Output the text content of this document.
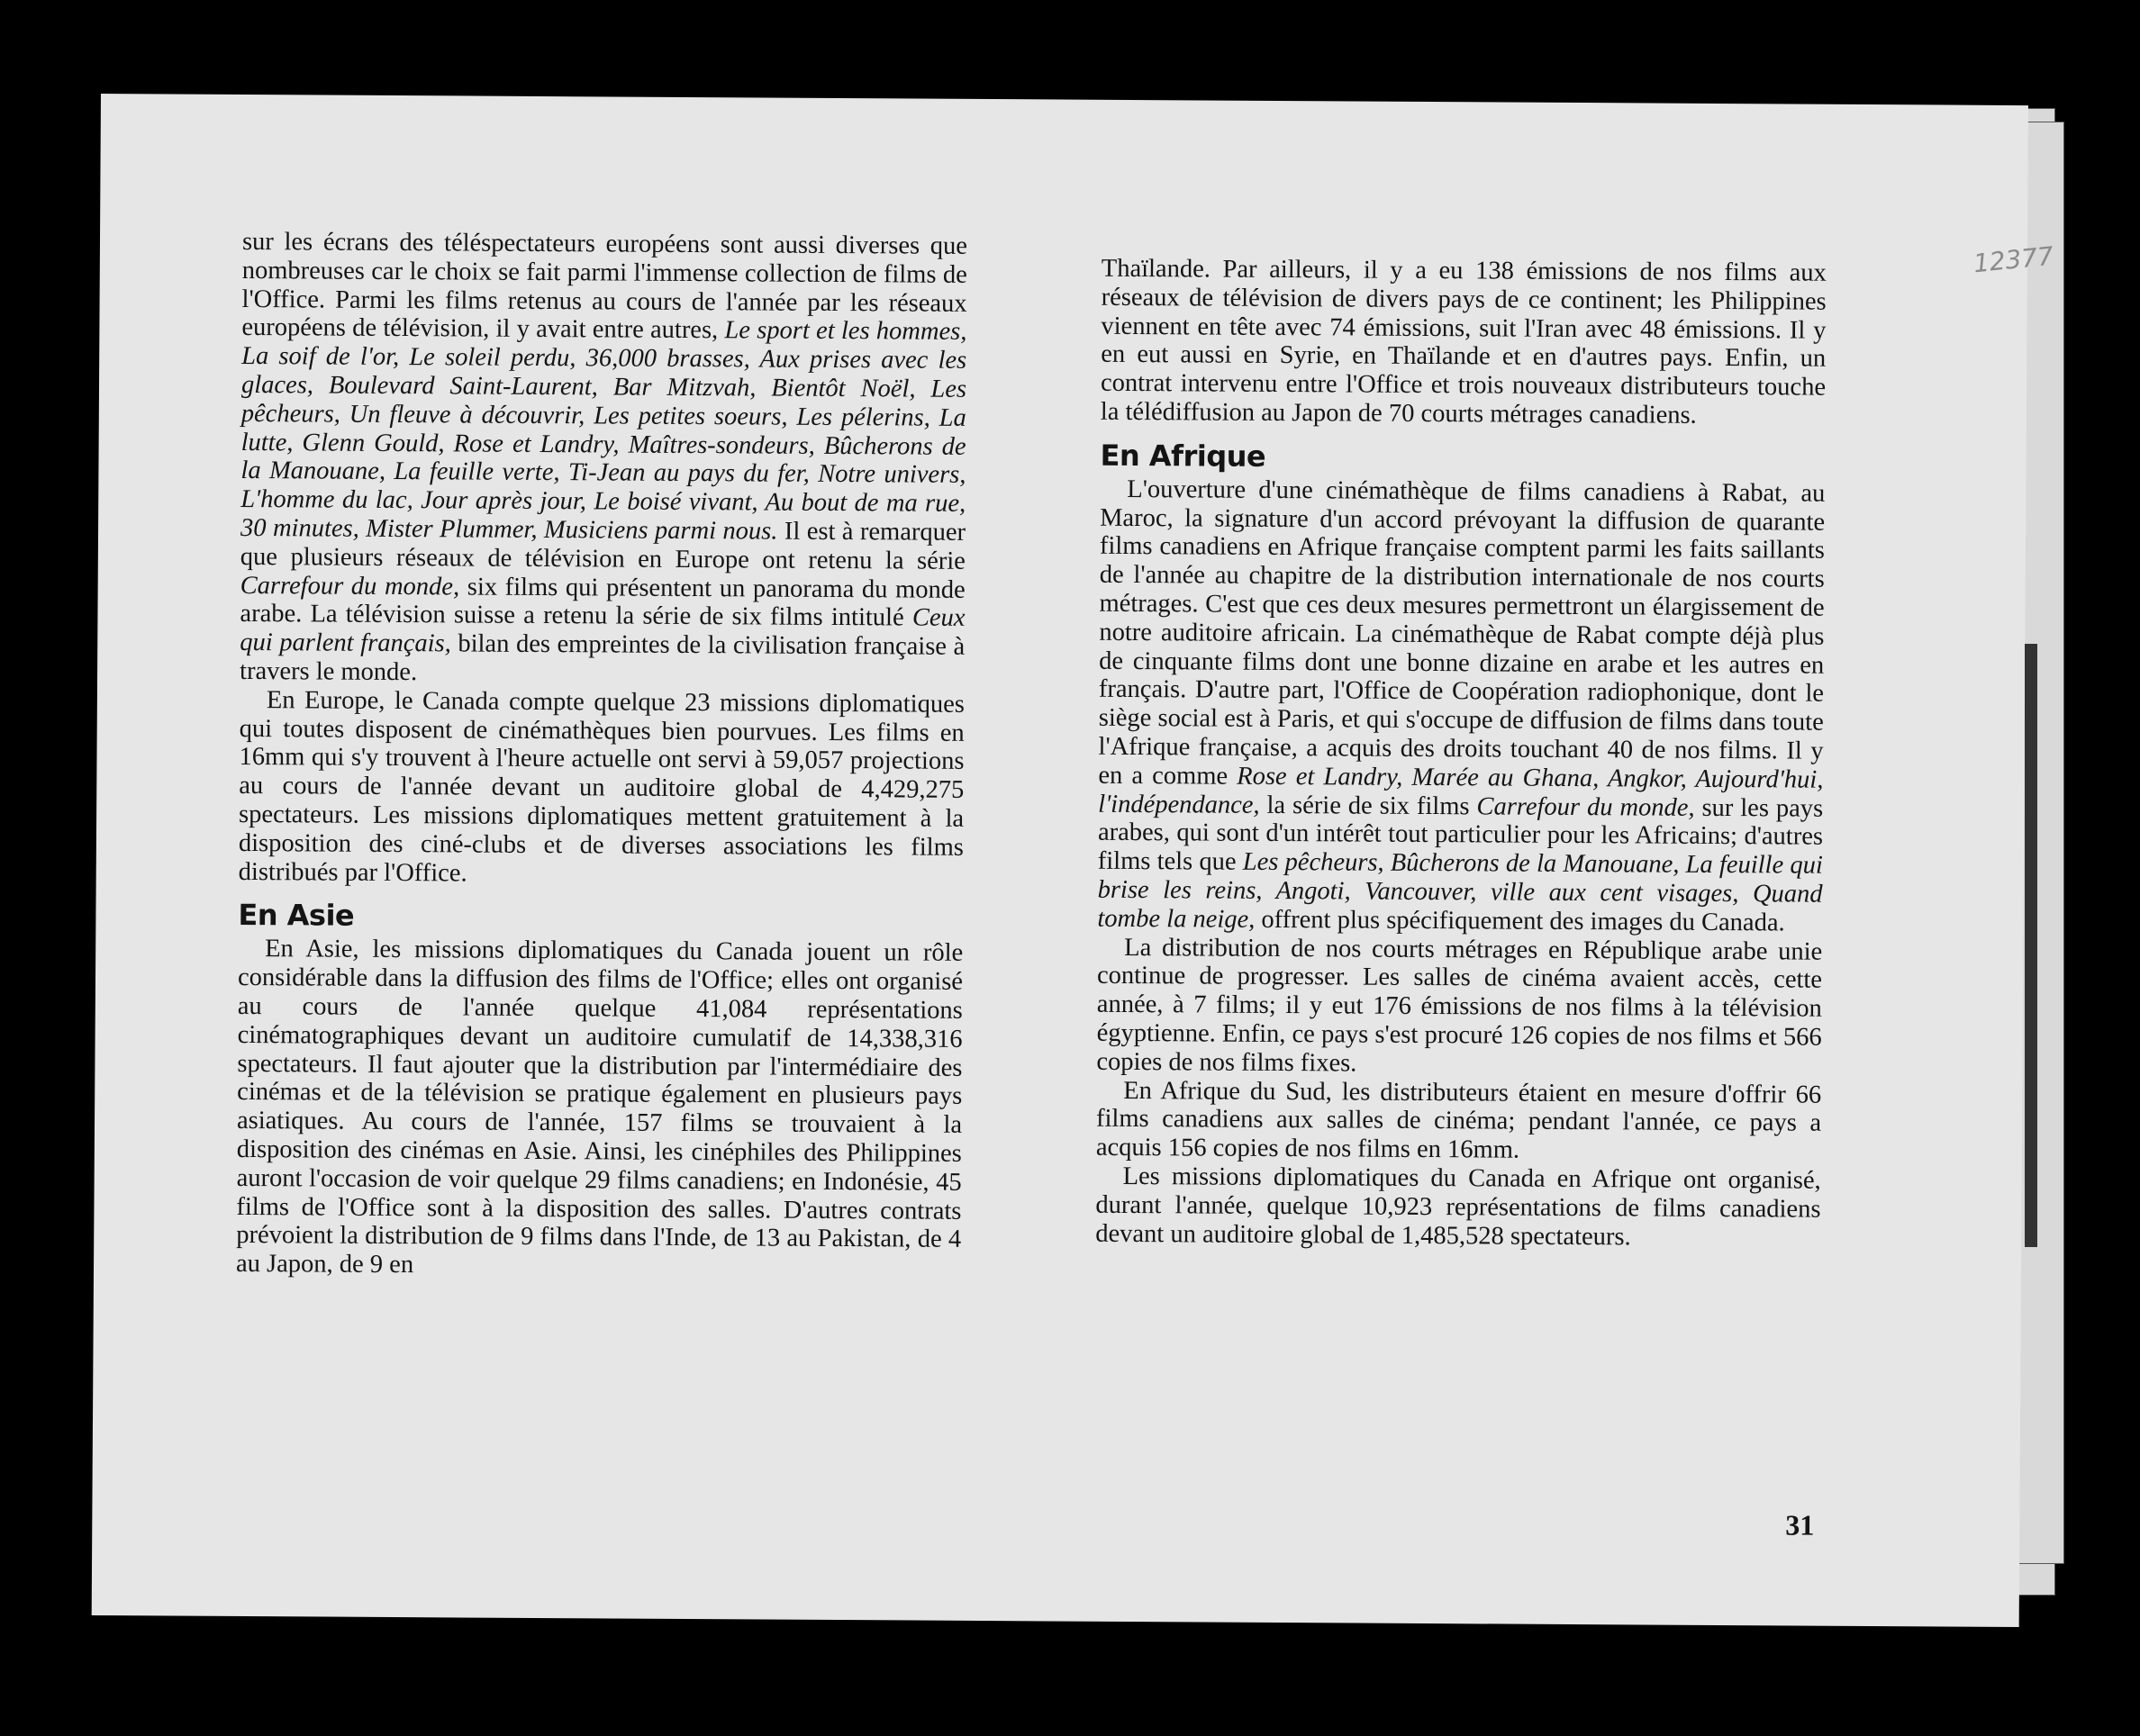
sur les écrans des téléspectateurs européens sont aussi diverses que nombreuses car le choix se fait parmi l'immense collection de films de l'Office. Parmi les films retenus au cours de l'année par les réseaux européens de télévision, il y avait entre autres, Le sport et les hommes, La soif de l'or, Le soleil perdu, 36,000 brasses, Aux prises avec les glaces, Boulevard Saint-Laurent, Bar Mitzvah, Bientôt Noël, Les pêcheurs, Un fleuve à découvrir, Les petites soeurs, Les pélerins, La lutte, Glenn Gould, Rose et Landry, Maîtres-sondeurs, Bûcherons de la Manouane, La feuille verte, Ti-Jean au pays du fer, Notre univers, L'homme du lac, Jour après jour, Le boisé vivant, Au bout de ma rue, 30 minutes, Mister Plummer, Musiciens parmi nous. Il est à remarquer que plusieurs réseaux de télévision en Europe ont retenu la série Carrefour du monde, six films qui présentent un panorama du monde arabe. La télévision suisse a retenu la série de six films intitulé Ceux qui parlent français, bilan des empreintes de la civilisation française à travers le monde.

En Europe, le Canada compte quelque 23 missions diplomatiques qui toutes disposent de cinémathèques bien pourvues. Les films en 16mm qui s'y trouvent à l'heure actuelle ont servi à 59,057 projections au cours de l'année devant un auditoire global de 4,429,275 spectateurs. Les missions diplomatiques mettent gratuitement à la disposition des ciné-clubs et de diverses associations les films distribués par l'Office.

En Asie

En Asie, les missions diplomatiques du Canada jouent un rôle considérable dans la diffusion des films de l'Office; elles ont organisé au cours de l'année quelque 41,084 représentations cinématographiques devant un auditoire cumulatif de 14,338,316 spectateurs. Il faut ajouter que la distribution par l'intermédiaire des cinémas et de la télévision se pratique également en plusieurs pays asiatiques. Au cours de l'année, 157 films se trouvaient à la disposition des cinémas en Asie. Ainsi, les cinéphiles des Philippines auront l'occasion de voir quelque 29 films canadiens; en Indonésie, 45 films de l'Office sont à la disposition des salles. D'autres contrats prévoient la distribution de 9 films dans l'Inde, de 13 au Pakistan, de 4 au Japon, de 9 en

Thaïlande. Par ailleurs, il y a eu 138 émissions de nos films aux réseaux de télévision de divers pays de ce continent; les Philippines viennent en tête avec 74 émissions, suit l'Iran avec 48 émissions. Il y en eut aussi en Syrie, en Thaïlande et en d'autres pays. Enfin, un contrat intervenu entre l'Office et trois nouveaux distributeurs touche la télédiffusion au Japon de 70 courts métrages canadiens.

En Afrique

L'ouverture d'une cinémathèque de films canadiens à Rabat, au Maroc, la signature d'un accord prévoyant la diffusion de quarante films canadiens en Afrique française comptent parmi les faits saillants de l'année au chapitre de la distribution internationale de nos courts métrages. C'est que ces deux mesures permettront un élargissement de notre auditoire africain. La cinémathèque de Rabat compte déjà plus de cinquante films dont une bonne dizaine en arabe et les autres en français. D'autre part, l'Office de Coopération radiophonique, dont le siège social est à Paris, et qui s'occupe de diffusion de films dans toute l'Afrique française, a acquis des droits touchant 40 de nos films. Il y en a comme Rose et Landry, Marée au Ghana, Angkor, Aujourd'hui, l'indépendance, la série de six films Carrefour du monde, sur les pays arabes, qui sont d'un intérêt tout particulier pour les Africains; d'autres films tels que Les pêcheurs, Bûcherons de la Manouane, La feuille qui brise les reins, Angoti, Vancouver, ville aux cent visages, Quand tombe la neige, offrent plus spécifiquement des images du Canada.

La distribution de nos courts métrages en République arabe unie continue de progresser. Les salles de cinéma avaient accès, cette année, à 7 films; il y eut 176 émissions de nos films à la télévision égyptienne. Enfin, ce pays s'est procuré 126 copies de nos films et 566 copies de nos films fixes.

En Afrique du Sud, les distributeurs étaient en mesure d'offrir 66 films canadiens aux salles de cinéma; pendant l'année, ce pays a acquis 156 copies de nos films en 16mm.

Les missions diplomatiques du Canada en Afrique ont organisé, durant l'année, quelque 10,923 représentations de films canadiens devant un auditoire global de 1,485,528 spectateurs.

31
12377
